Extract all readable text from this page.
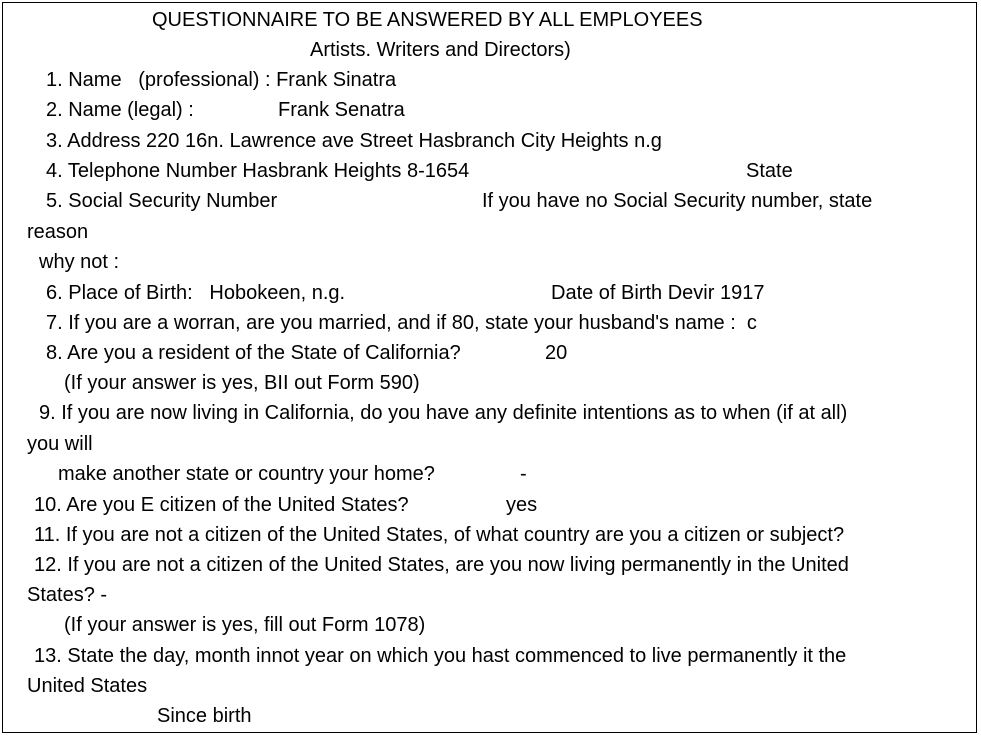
QUESTIONNAIRE TO BE ANSWERED BY ALL EMPLOYEES
Artists. Writers and Directors)
1. Name   (professional) : Frank Sinatra
2. Name (legal) :	Frank Senatra
3. Address 220 16n. Lawrence ave Street Hasbranch City Heights n.g
4. Telephone Number Hasbrank Heights 8-1654	State
5. Social Security Number	If you have no Social Security number, state
reason
why not :
6. Place of Birth:   Hobokeen, n.g.	Date of Birth Devir 1917
7. If you are a worran, are you married, and if 80, state your husband's name :  c
8. Are you a resident of the State of California?	20
(If your answer is yes, BII out Form 590)
9. If you are now living in California, do you have any definite intentions as to when (if at all)
you will
make another state or country your home?	-
10. Are you E citizen of the United States?	yes
11. If you are not a citizen of the United States, of what country are you a citizen or subject?
12. If you are not a citizen of the United States, are you now living permanently in the United
States? -
(If your answer is yes, fill out Form 1078)
13. State the day, month innot year on which you hast commenced to live permanently it the
United States
Since birth
